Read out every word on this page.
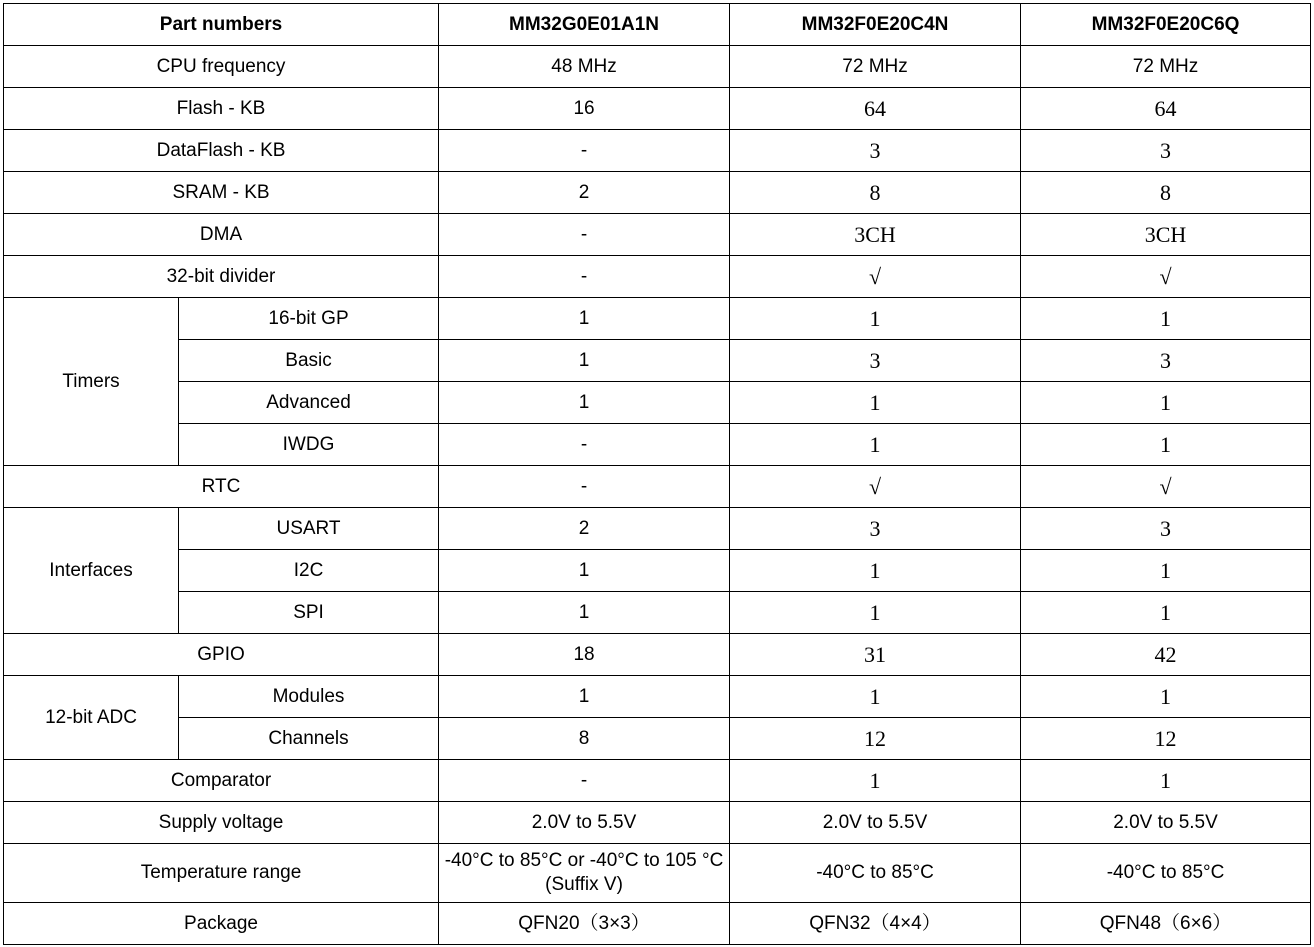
Part numbers		MM32G0E01A1N	MM32F0E20C4N	MM32F0E20C6Q
CPU frequency		48 MHz	72 MHz	72 MHz
Flash - KB		16	64	64
DataFlash - KB		-	3	3
SRAM - KB		2	8	8
DMA		-	3CH	3CH
32-bit divider		-	√	√
Timers	16-bit GP	1	1	1
	Basic	1	3	3
	Advanced	1	1	1
	IWDG	-	1	1
RTC		-	√	√
Interfaces	USART	2	3	3
	I2C	1	1	1
	SPI	1	1	1
GPIO		18	31	42
12-bit ADC	Modules	1	1	1
	Channels	8	12	12
Comparator		-	1	1
Supply voltage		2.0V to 5.5V	2.0V to 5.5V	2.0V to 5.5V
Temperature range		-40°C to 85°C or -40°C to 105 °C (Suffix V)	-40°C to 85°C	-40°C to 85°C
Package		QFN20（3×3）	QFN32（4×4）	QFN48（6×6）
